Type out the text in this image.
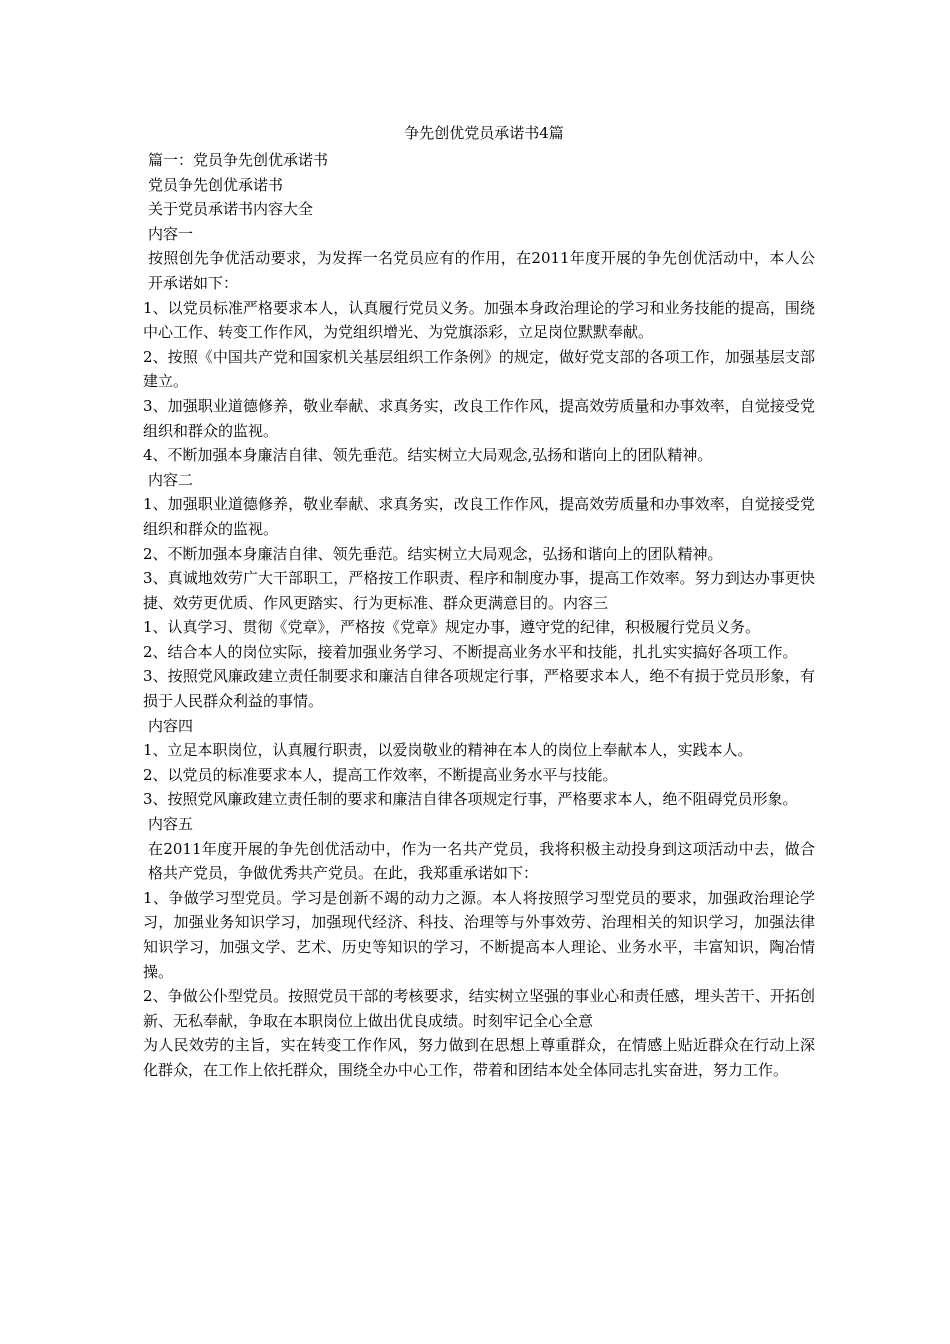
争先创优党员承诺书4篇

篇一：党员争先创优承诺书

党员争先创优承诺书

关于党员承诺书内容大全

内容一

按照创先争优活动要求，为发挥一名党员应有的作用，在2011年度开展的争先创优活动中，本人公开承诺如下：

1、以党员标准严格要求本人，认真履行党员义务。加强本身政治理论的学习和业务技能的提高，围绕中心工作、转变工作作风，为党组织增光、为党旗添彩，立足岗位默默奉献。

2、按照《中国共产党和国家机关基层组织工作条例》的规定，做好党支部的各项工作，加强基层支部建立。

3、加强职业道德修养，敬业奉献、求真务实，改良工作作风，提高效劳质量和办事效率，自觉接受党组织和群众的监视。

4、不断加强本身廉洁自律、领先垂范。结实树立大局观念,弘扬和谐向上的团队精神。

内容二

1、加强职业道德修养，敬业奉献、求真务实，改良工作作风，提高效劳质量和办事效率，自觉接受党组织和群众的监视。

2、不断加强本身廉洁自律、领先垂范。结实树立大局观念，弘扬和谐向上的团队精神。

3、真诚地效劳广大干部职工，严格按工作职责、程序和制度办事，提高工作效率。努力到达办事更快捷、效劳更优质、作风更踏实、行为更标准、群众更满意目的。内容三

1、认真学习、贯彻《党章》，严格按《党章》规定办事，遵守党的纪律，积极履行党员义务。

2、结合本人的岗位实际，接着加强业务学习、不断提高业务水平和技能，扎扎实实搞好各项工作。

3、按照党风廉政建立责任制要求和廉洁自律各项规定行事，严格要求本人，绝不有损于党员形象，有损于人民群众利益的事情。

内容四

1、立足本职岗位，认真履行职责，以爱岗敬业的精神在本人的岗位上奉献本人，实践本人。

2、以党员的标准要求本人，提高工作效率，不断提高业务水平与技能。

3、按照党风廉政建立责任制的要求和廉洁自律各项规定行事，严格要求本人，绝不阻碍党员形象。

内容五

在2011年度开展的争先创优活动中，作为一名共产党员，我将积极主动投身到这项活动中去，做合格共产党员，争做优秀共产党员。在此，我郑重承诺如下：

1、争做学习型党员。学习是创新不竭的动力之源。本人将按照学习型党员的要求，加强政治理论学习，加强业务知识学习，加强现代经济、科技、治理等与外事效劳、治理相关的知识学习，加强法律知识学习，加强文学、艺术、历史等知识的学习，不断提高本人理论、业务水平，丰富知识，陶冶情操。

2、争做公仆型党员。按照党员干部的考核要求，结实树立坚强的事业心和责任感，埋头苦干、开拓创新、无私奉献，争取在本职岗位上做出优良成绩。时刻牢记全心全意

为人民效劳的主旨，实在转变工作作风，努力做到在思想上尊重群众，在情感上贴近群众在行动上深化群众，在工作上依托群众，围绕全办中心工作，带着和团结本处全体同志扎实奋进，努力工作。
